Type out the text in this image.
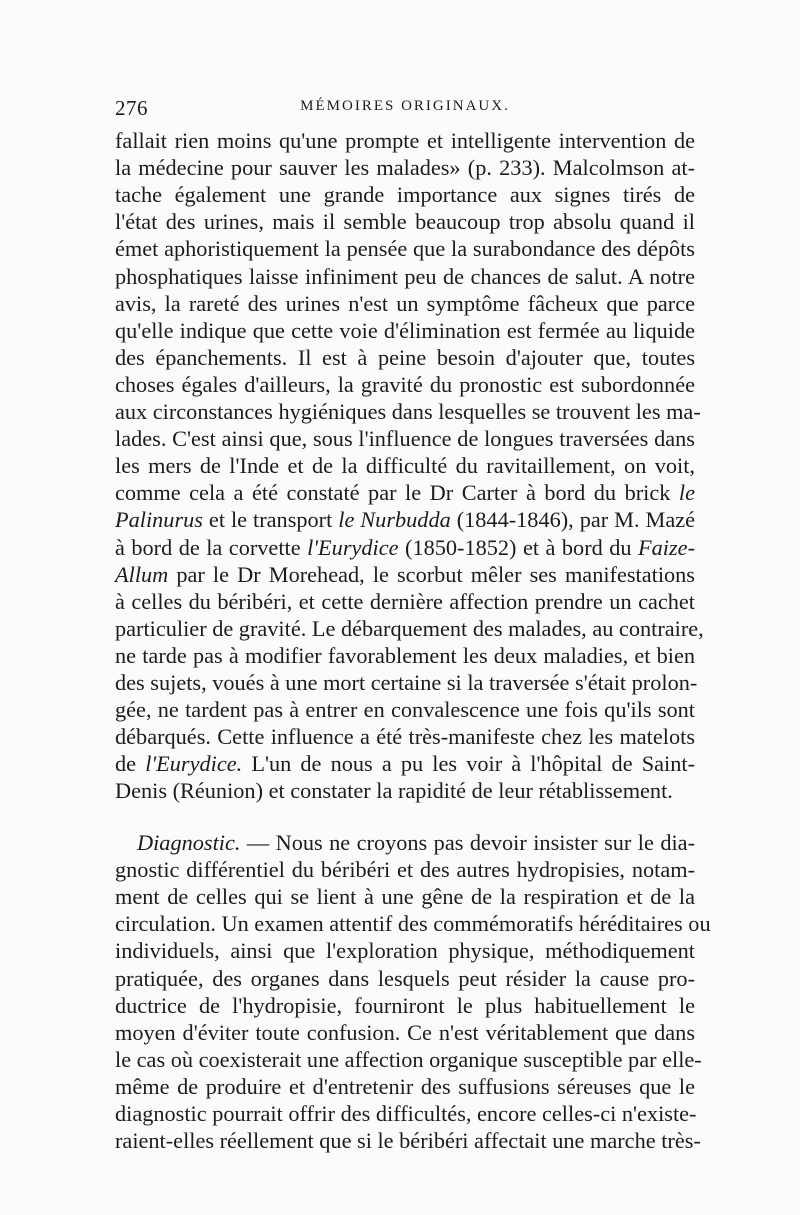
276	MÉMOIRES ORIGINAUX.
fallait rien moins qu'une prompte et intelligente intervention de
la médecine pour sauver les malades» (p. 233). Malcolmson at-
tache également une grande importance aux signes tirés de
l'état des urines, mais il semble beaucoup trop absolu quand il
émet aphoristiquement la pensée que la surabondance des dépôts
phosphatiques laisse infiniment peu de chances de salut. A notre
avis, la rareté des urines n'est un symptôme fâcheux que parce
qu'elle indique que cette voie d'élimination est fermée au liquide
des épanchements. Il est à peine besoin d'ajouter que, toutes
choses égales d'ailleurs, la gravité du pronostic est subordonnée
aux circonstances hygiéniques dans lesquelles se trouvent les ma-
lades. C'est ainsi que, sous l'influence de longues traversées dans
les mers de l'Inde et de la difficulté du ravitaillement, on voit,
comme cela a été constaté par le Dr Carter à bord du brick le
Palinurus et le transport le Nurbudda (1844-1846), par M. Mazé
à bord de la corvette l'Eurydice (1850-1852) et à bord du Faize-
Allum par le Dr Morehead, le scorbut mêler ses manifestations
à celles du béribéri, et cette dernière affection prendre un cachet
particulier de gravité. Le débarquement des malades, au contraire,
ne tarde pas à modifier favorablement les deux maladies, et bien
des sujets, voués à une mort certaine si la traversée s'était prolon-
gée, ne tardent pas à entrer en convalescence une fois qu'ils sont
débarqués. Cette influence a été très-manifeste chez les matelots
de l'Eurydice. L'un de nous a pu les voir à l'hôpital de Saint-
Denis (Réunion) et constater la rapidité de leur rétablissement.
Diagnostic. — Nous ne croyons pas devoir insister sur le dia-
gnostic différentiel du béribéri et des autres hydropisies, notam-
ment de celles qui se lient à une gêne de la respiration et de la
circulation. Un examen attentif des commémoratifs héréditaires ou
individuels, ainsi que l'exploration physique, méthodiquement
pratiquée, des organes dans lesquels peut résider la cause pro-
ductrice de l'hydropisie, fourniront le plus habituellement le
moyen d'éviter toute confusion. Ce n'est véritablement que dans
le cas où coexisterait une affection organique susceptible par elle-
même de produire et d'entretenir des suffusions séreuses que le
diagnostic pourrait offrir des difficultés, encore celles-ci n'existe-
raient-elles réellement que si le béribéri affectait une marche très-
